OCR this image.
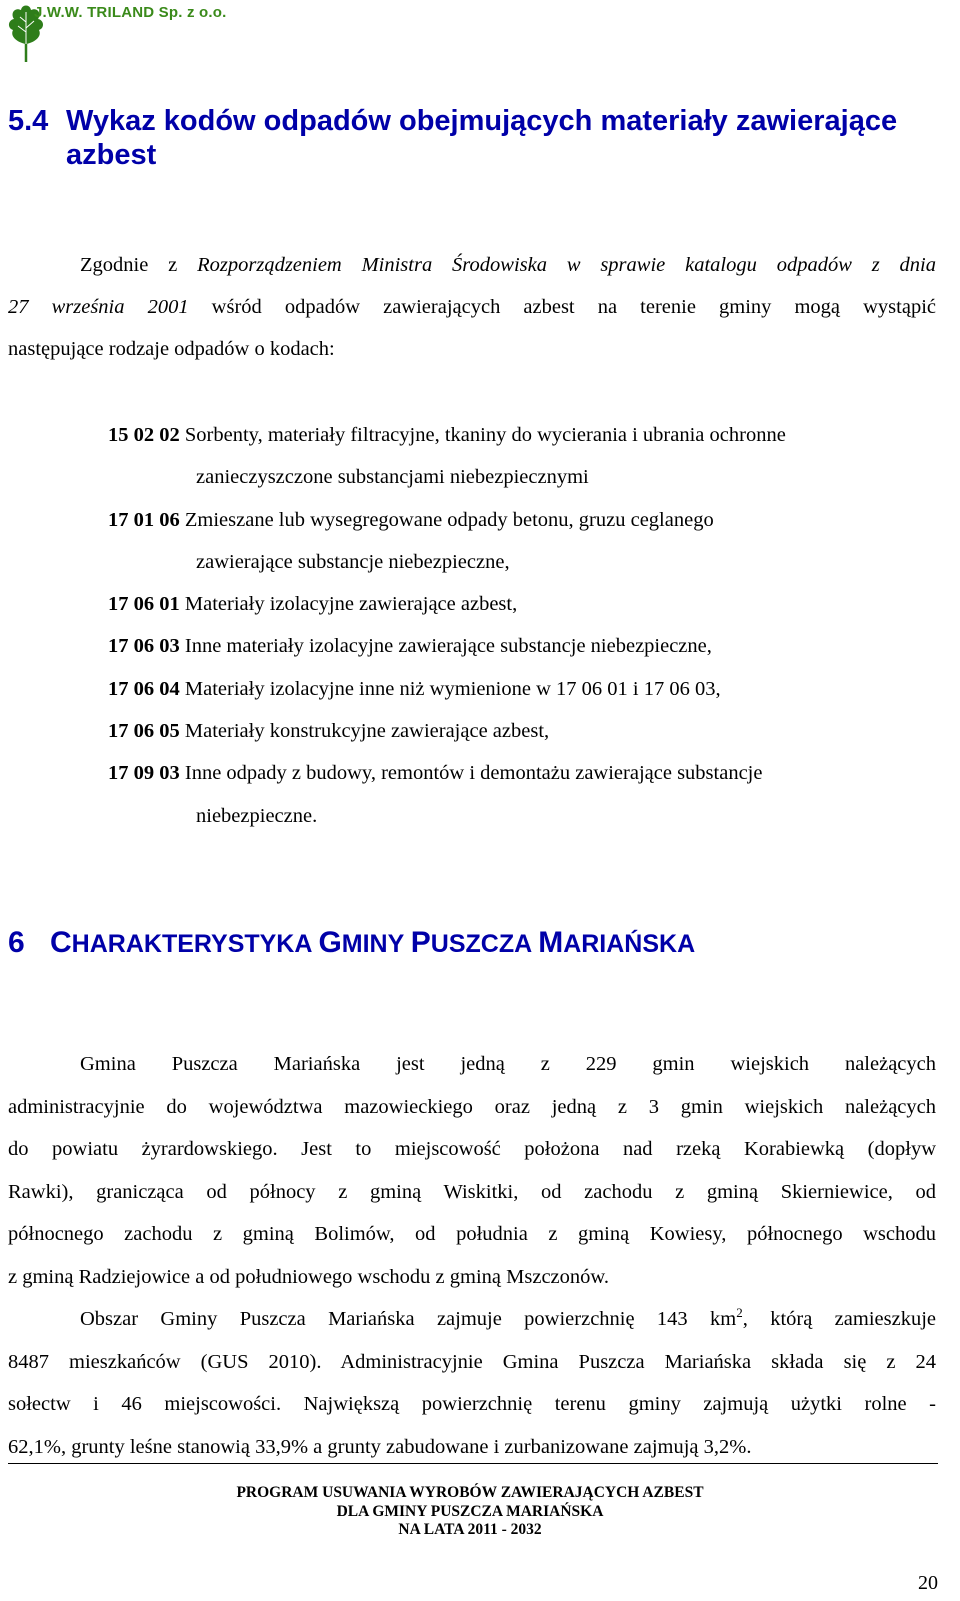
J.W.W. TRILAND Sp. z o.o.
5.4 Wykaz kodów odpadów obejmujących materiały zawierające azbest
Zgodnie z Rozporządzeniem Ministra Środowiska w sprawie katalogu odpadów z dnia
27 września 2001 wśród odpadów zawierających azbest na terenie gminy mogą wystąpić
następujące rodzaje odpadów o kodach:
15 02 02 Sorbenty, materiały filtracyjne, tkaniny do wycierania i ubrania ochronne
zanieczyszczone substancjami niebezpiecznymi
17 01 06 Zmieszane lub wysegregowane odpady betonu, gruzu ceglanego
zawierające substancje niebezpieczne,
17 06 01 Materiały izolacyjne zawierające azbest,
17 06 03 Inne materiały izolacyjne zawierające substancje niebezpieczne,
17 06 04 Materiały izolacyjne inne niż wymienione w 17 06 01 i 17 06 03,
17 06 05 Materiały konstrukcyjne zawierające azbest,
17 09 03 Inne odpady z budowy, remontów i demontażu zawierające substancje
niebezpieczne.
6 CHARAKTERYSTYKA GMINY PUSZCZA MARIAŃSKA
Gmina Puszcza Mariańska jest jedną z 229 gmin wiejskich należących
administracyjnie do województwa mazowieckiego oraz jedną z 3 gmin wiejskich należących
do powiatu żyrardowskiego. Jest to miejscowość położona nad rzeką Korabiewką (dopływ
Rawki), granicząca od północy z gminą Wiskitki, od zachodu z gminą Skierniewice, od
północnego zachodu z gminą Bolimów, od południa z gminą Kowiesy, północnego wschodu
z gminą Radziejowice a od południowego wschodu z gminą Mszczonów.
Obszar Gminy Puszcza Mariańska zajmuje powierzchnię 143 $km^2$, którą zamieszkuje
8487 mieszkańców (GUS 2010). Administracyjnie Gmina Puszcza Mariańska składa się z 24
sołectw i 46 miejscowości. Największą powierzchnię terenu gminy zajmują użytki rolne -
62,1%, grunty leśne stanowią 33,9% a grunty zabudowane i zurbanizowane zajmują 3,2%.
PROGRAM USUWANIA WYROBÓW ZAWIERAJĄCYCH AZBEST
DLA GMINY PUSZCZA MARIAŃSKA
NA LATA 2011 - 2032
20
